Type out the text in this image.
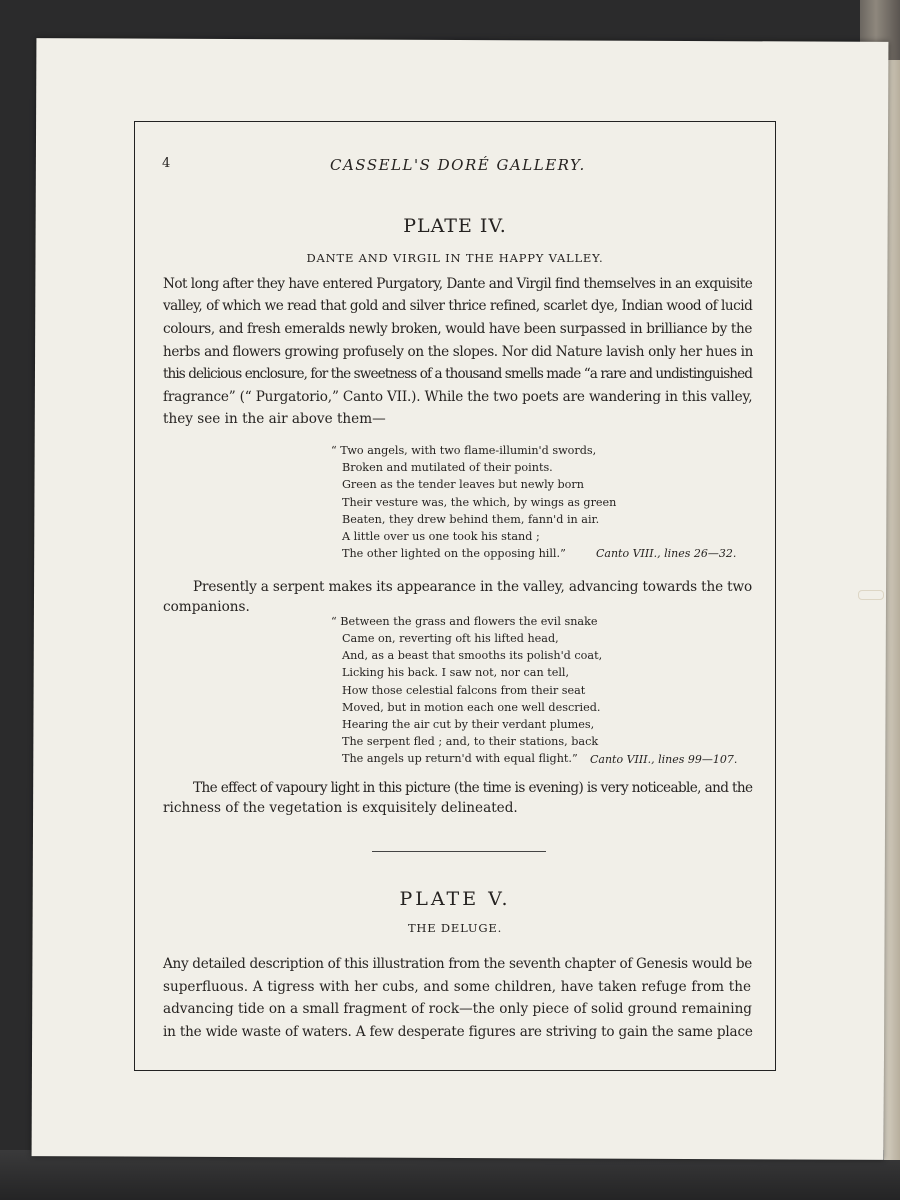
4	CASSELL'S DORÉ GALLERY.
PLATE IV.
DANTE AND VIRGIL IN THE HAPPY VALLEY.
Not long after they have entered Purgatory, Dante and Virgil find themselves in an exquisite
valley, of which we read that gold and silver thrice refined, scarlet dye, Indian wood of lucid
colours, and fresh emeralds newly broken, would have been surpassed in brilliance by the
herbs and flowers growing profusely on the slopes. Nor did Nature lavish only her hues in
this delicious enclosure, for the sweetness of a thousand smells made “a rare and undistinguished
fragrance” (“ Purgatorio,” Canto VII.). While the two poets are wandering in this valley,
they see in the air above them—
“ Two angels, with two flame-illumin'd swords,
Broken and mutilated of their points.
Green as the tender leaves but newly born
Their vesture was, the which, by wings as green
Beaten, they drew behind them, fann'd in air.
A little over us one took his stand ;
The other lighted on the opposing hill.”	Canto VIII., lines 26—32.
Presently a serpent makes its appearance in the valley, advancing towards the two
companions.
“ Between the grass and flowers the evil snake
Came on, reverting oft his lifted head,
And, as a beast that smooths its polish'd coat,
Licking his back. I saw not, nor can tell,
How those celestial falcons from their seat
Moved, but in motion each one well descried.
Hearing the air cut by their verdant plumes,
The serpent fled ; and, to their stations, back
The angels up return'd with equal flight.” Canto VIII., lines 99—107.
The effect of vapoury light in this picture (the time is evening) is very noticeable, and the
richness of the vegetation is exquisitely delineated.
PLATE V.
THE DELUGE.
Any detailed description of this illustration from the seventh chapter of Genesis would be
superfluous. A tigress with her cubs, and some children, have taken refuge from the
advancing tide on a small fragment of rock—the only piece of solid ground remaining
in the wide waste of waters. A few desperate figures are striving to gain the same place
